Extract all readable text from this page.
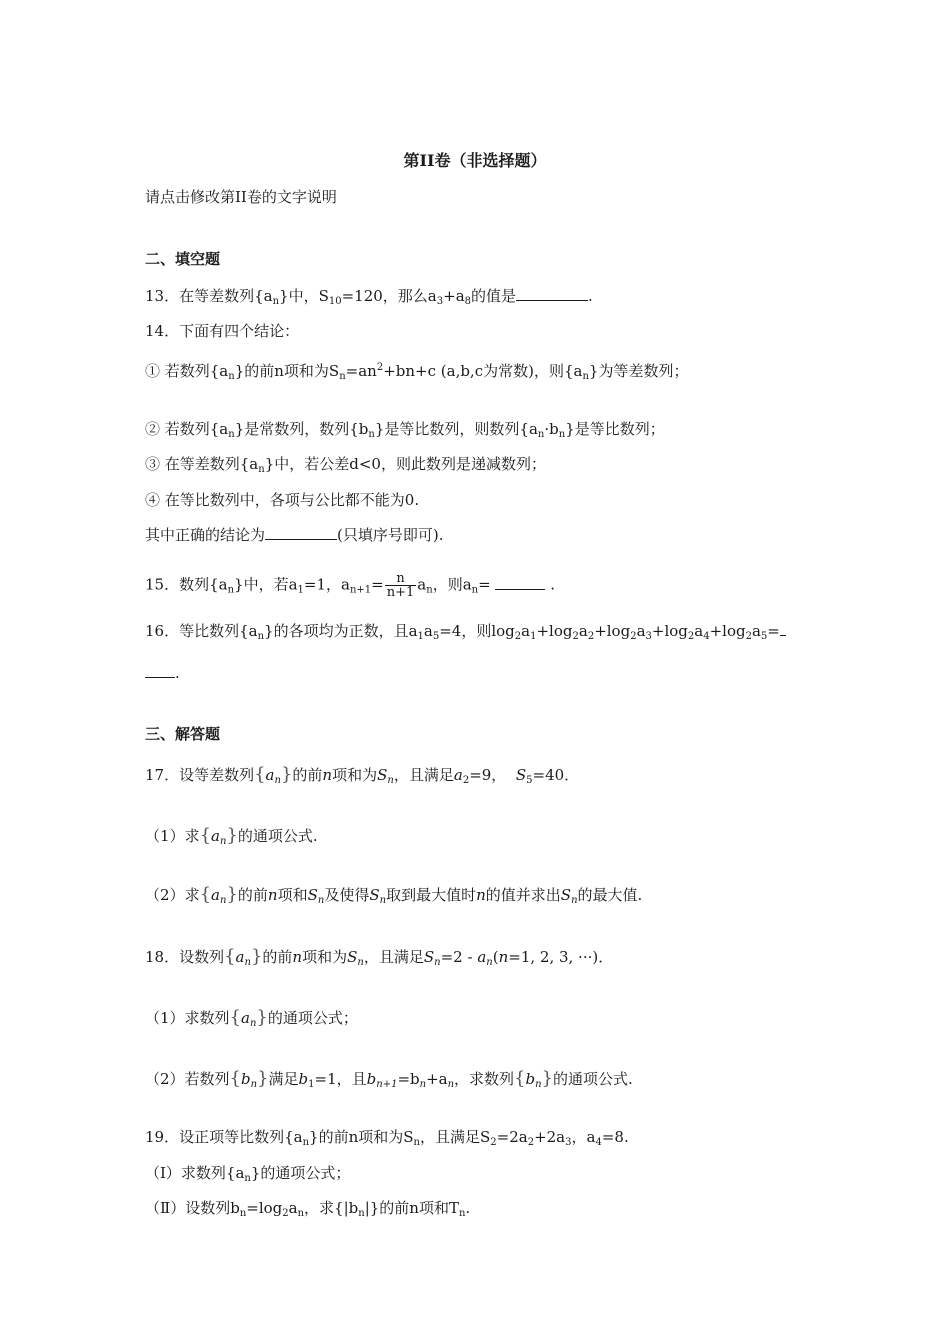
第II卷（非选择题）
请点击修改第II卷的文字说明
二、填空题
13．在等差数列$\{a_n\}$中，$S_{10}=120$，那么$a_3+a_8$的值是	.
14．下面有四个结论：
① 若数列$\{a_n\}$的前n项和为$S_n=an^2+bn+c$ (a,b,c为常数)，则$\{a_n\}$为等差数列；
② 若数列$\{a_n\}$是常数列，数列$\{b_n\}$是等比数列，则数列$\{a_n\cdot b_n\}$是等比数列；
③ 在等差数列$\{a_n\}$中，若公差d<0，则此数列是递减数列；
④ 在等比数列中，各项与公比都不能为0.
其中正确的结论为	(只填序号即可).
15．数列$\{a_n\}$中，若$a_1=1$，$a_{n+1}= \frac{n}{n+1} a_n$，则$a_n=$	.
16．等比数列$\{a_n\}$的各项均为正数，且$a_1a_5=4$，则$\log_2a_1+\log_2a_2+\log_2a_3+\log_2a_4+\log_2a_5=$
.
三、解答题
17．设等差数列$\{a_n\}$的前n项和为$S_n$，且满足$a_2=9$， $S_5=40$．
（1）求$\{a_n\}$的通项公式.
（2）求$\{a_n\}$的前n项和$S_n$及使得$S_n$取到最大值时n的值并求出$S_n$的最大值.
18．设数列$\{a_n\}$的前n项和为$S_n$，且满足$S_n=2 - a_n(n=1$, 2, 3, ···)．
（1）求数列$\{a_n\}$的通项公式；
（2）若数列$\{b_n\}$满足$b_1=1$，且$b_{n+1}=b_n+a_n$，求数列$\{b_n\}$的通项公式.
19．设正项等比数列$\{a_n\}$的前n项和为$S_n$，且满足$S_2=2a_2+2a_3$，$a_4=8$.
（Ⅰ）求数列$\{a_n\}$的通项公式；
（Ⅱ）设数列$b_n=\log_2a_n$，求$\{|b_n|\}$的前n项和$T_n$.
